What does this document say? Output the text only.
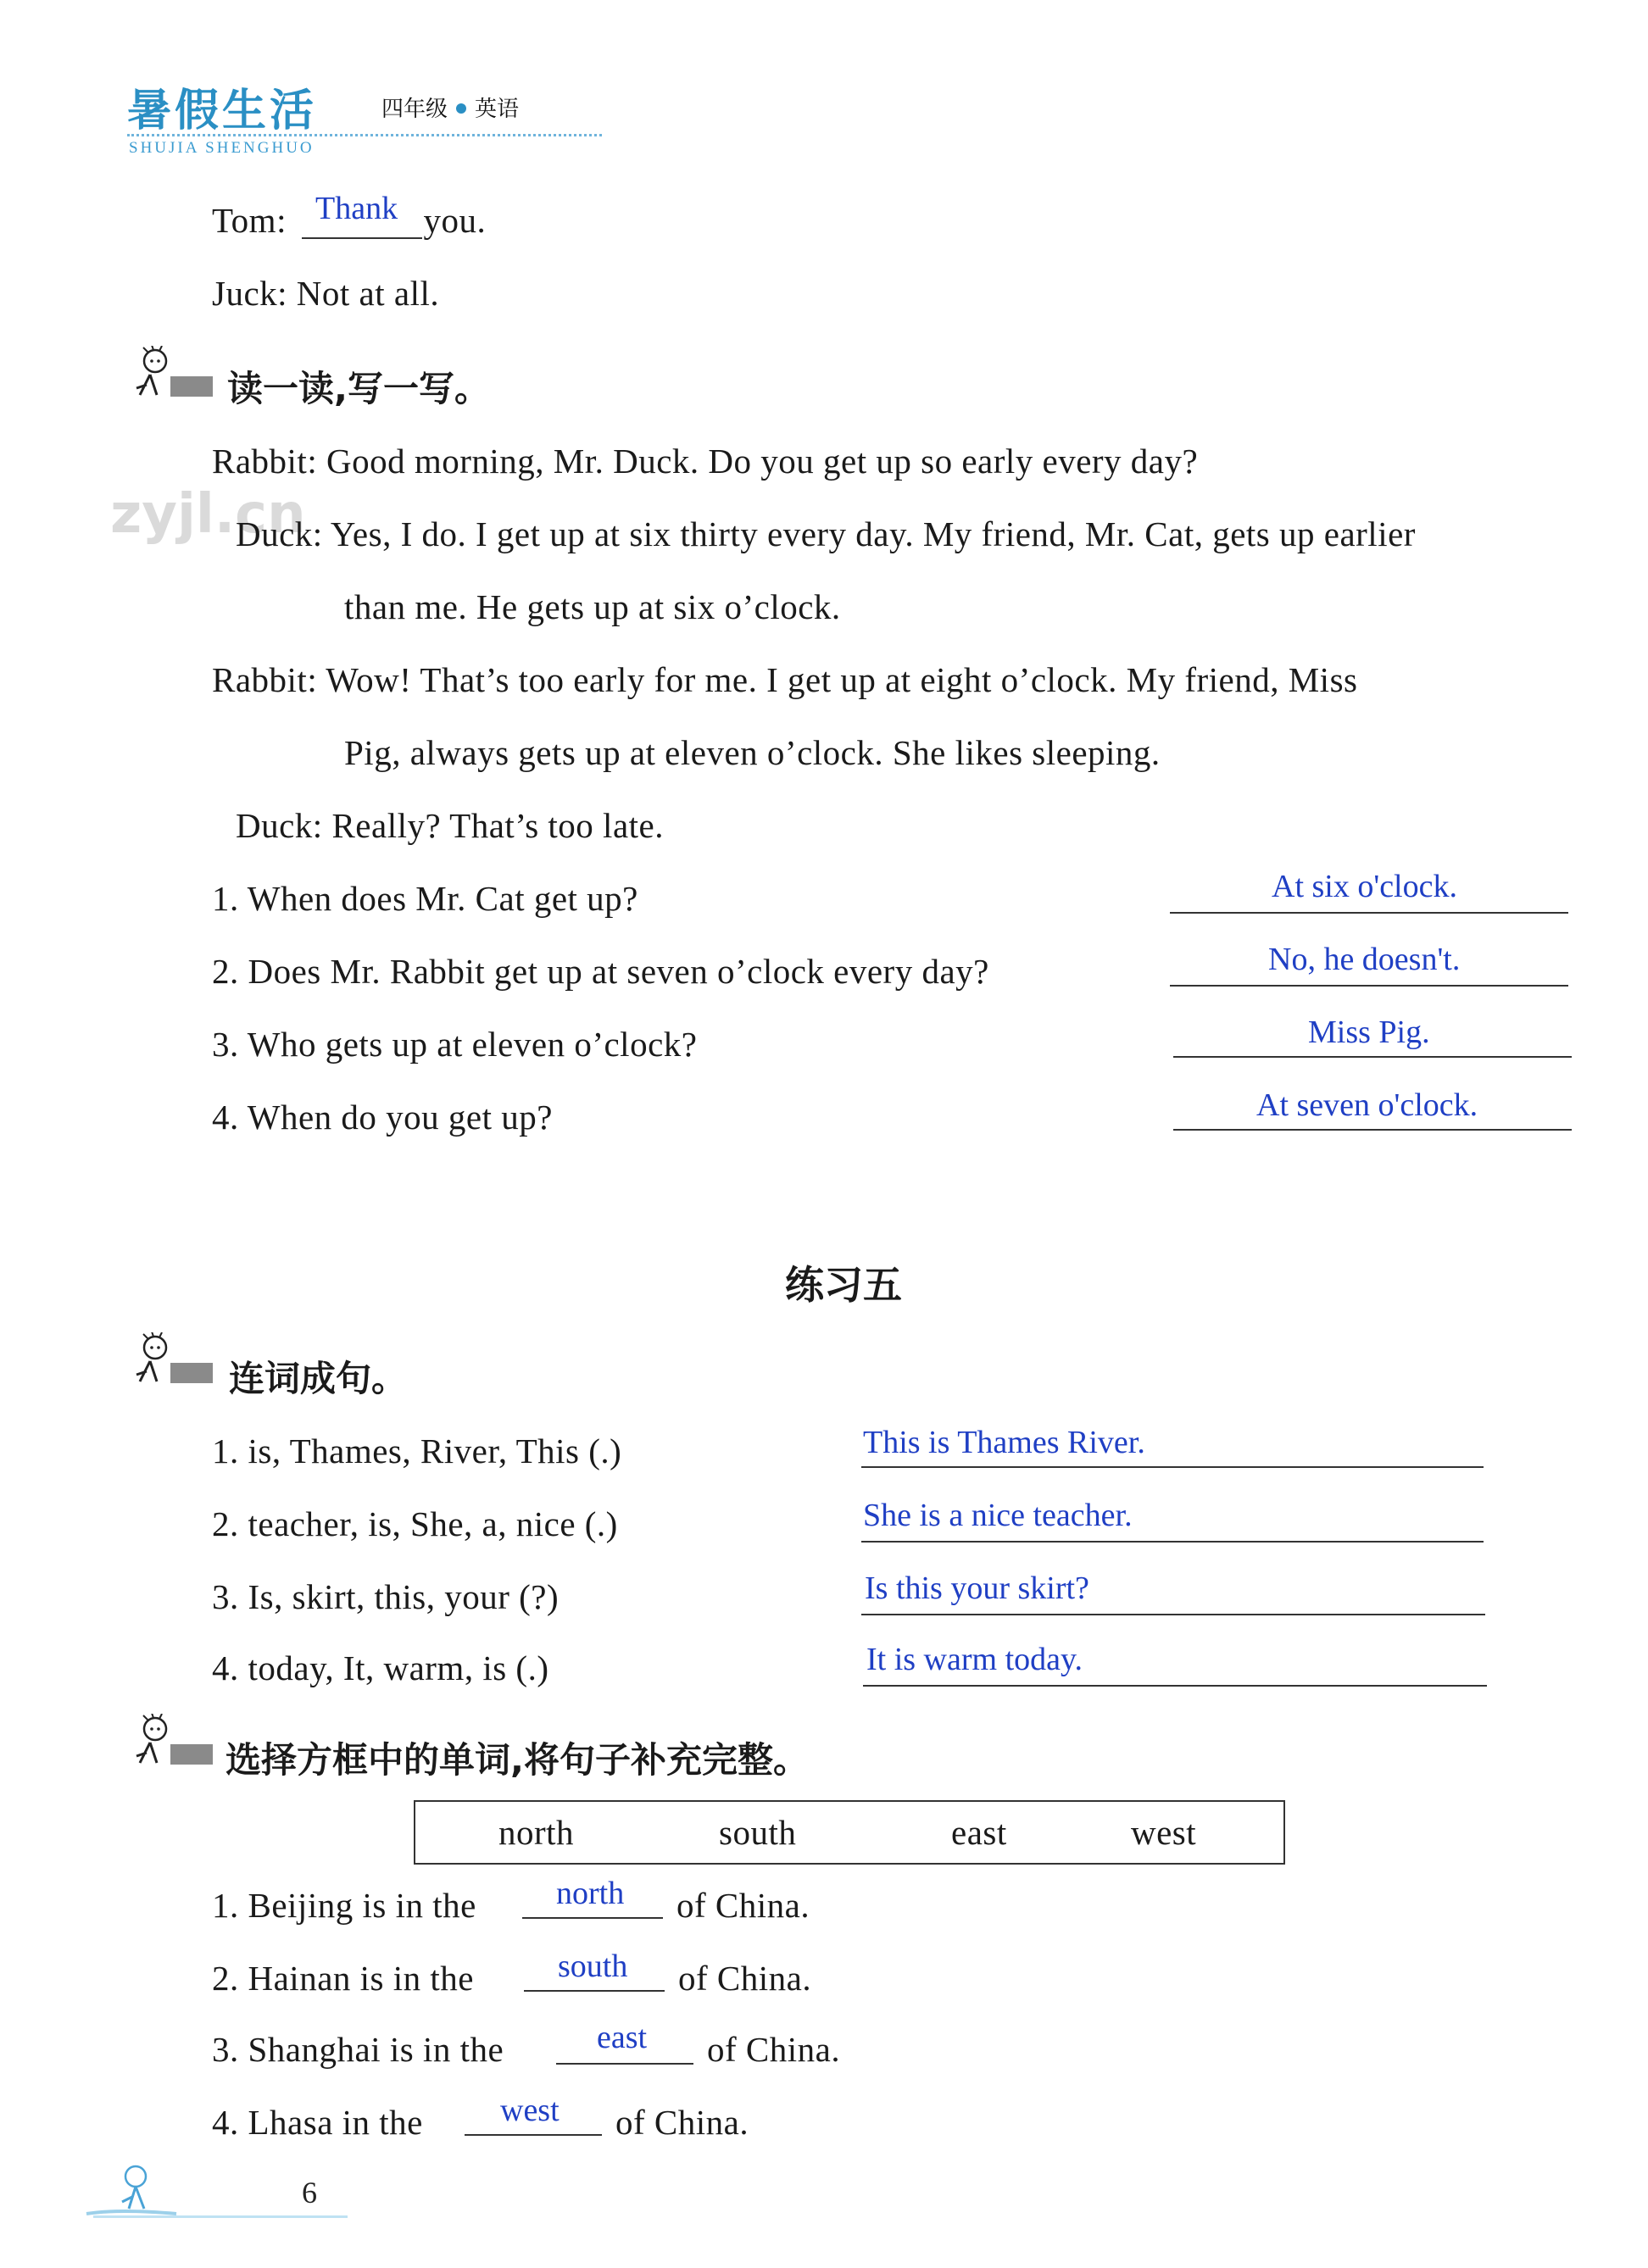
暑假生活	四年级 英语
SHUJIA SHENGHUO
Tom:	you.
Thank
Juck: Not at all.
读一读,写一写。
zyjl.cn
Rabbit: Good morning, Mr. Duck. Do you get up so early every day?
Duck: Yes, I do. I get up at six thirty every day. My friend, Mr. Cat, gets up earlier
than me. He gets up at six o’clock.
Rabbit: Wow! That’s too early for me. I get up at eight o’clock. My friend, Miss
Pig, always gets up at eleven o’clock. She likes sleeping.
Duck: Really? That’s too late.
1. When does Mr. Cat get up?	At six o'clock.
2. Does Mr. Rabbit get up at seven o’clock every day?	No, he doesn't.
3. Who gets up at eleven o’clock?	Miss Pig.
4. When do you get up?	At seven o'clock.
练习五
连词成句。
1. is, Thames, River, This (.)	This is Thames River.
2. teacher, is, She, a, nice (.)	She is a nice teacher.
3. Is, skirt, this, your (?)	Is this your skirt?
4. today, It, warm, is (.)	It is warm today.
选择方框中的单词,将句子补充完整。
north	south	east	west
1. Beijing is in the north of China.
2. Hainan is in the	south of China.
3. Shanghai is in the	east of China.
4. Lhasa in the west of China.
6
